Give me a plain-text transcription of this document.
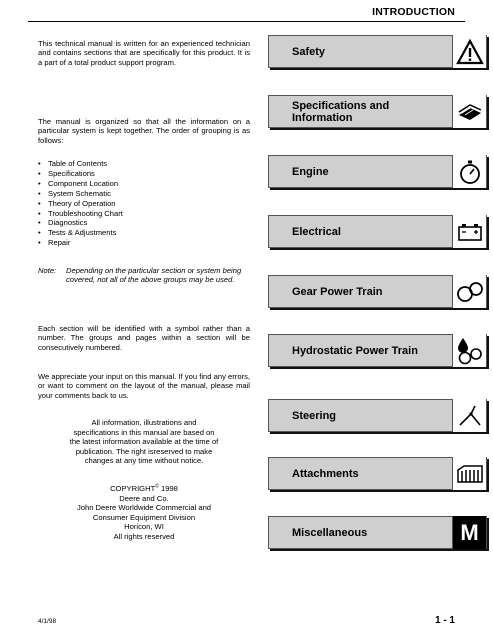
INTRODUCTION

This technical manual is written for an experienced technician and contains sections that are specifically for this product. It is a part of a total product support program.

The manual is organized so that all the information on a particular system is kept together. The order of grouping is as follows:

• Table of Contents
• Specifications
• Component Location
• System Schematic
• Theory of Operation
• Troubleshooting Chart
• Diagnostics
• Tests & Adjustments
• Repair
Note:	Depending on the particular section or system being covered, not all of the above groups may be used.

Each section will be identified with a symbol rather than a number. The groups and pages within a section will be consecutively numbered.

We appreciate your input on this manual. If you find any errors, or want to comment on the layout of the manual, please mail your comments back to us.

All information, illustrations and
specifications in this manual are based on
the latest information available at the time of
publication. The right isreserved to make
changes at any time without notice.
COPYRIGHT© 1998
Deere and Co.
John Deere Worldwide Commercial and
Consumer Equipment Division
Horicon, WI
All rights reserved
Safety
Specifications and Information
Engine
Electrical
Gear Power Train
Hydrostatic Power Train
Steering
Attachments
Miscellaneous	M
4/1/98	1 - 1
